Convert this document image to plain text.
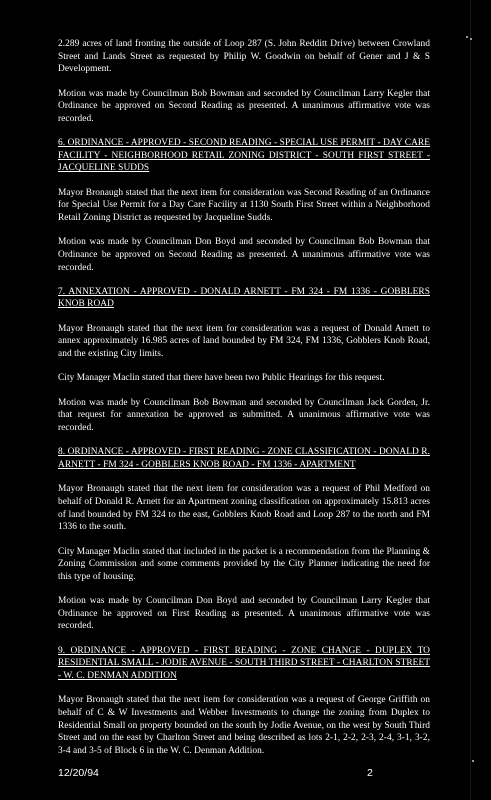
2.289 acres of land fronting the outside of Loop 287 (S. John Redditt Drive) between Crowland Street and Lands Street as requested by Philip W. Goodwin on behalf of Gener and J & S Development.

Motion was made by Councilman Bob Bowman and seconded by Councilman Larry Kegler that Ordinance be approved on Second Reading as presented. A unanimous affirmative vote was recorded.

6. ORDINANCE - APPROVED - SECOND READING - SPECIAL USE PERMIT - DAY CARE FACILITY - NEIGHBORHOOD RETAIL ZONING DISTRICT - SOUTH FIRST STREET - JACQUELINE SUDDS

Mayor Bronaugh stated that the next item for consideration was Second Reading of an Ordinance for Special Use Permit for a Day Care Facility at 1130 South First Street within a Neighborhood Retail Zoning District as requested by Jacqueline Sudds.

Motion was made by Councilman Don Boyd and seconded by Councilman Bob Bowman that Ordinance be approved on Second Reading as presented. A unanimous affirmative vote was recorded.

7. ANNEXATION - APPROVED - DONALD ARNETT - FM 324 - FM 1336 - GOBBLERS KNOB ROAD

Mayor Bronaugh stated that the next item for consideration was a request of Donald Arnett to annex approximately 16.985 acres of land bounded by FM 324, FM 1336, Gobblers Knob Road, and the existing City limits.

City Manager Maclin stated that there have been two Public Hearings for this request.

Motion was made by Councilman Bob Bowman and seconded by Councilman Jack Gorden, Jr. that request for annexation be approved as submitted. A unanimous affirmative vote was recorded.

8. ORDINANCE - APPROVED - FIRST READING - ZONE CLASSIFICATION - DONALD R. ARNETT - FM 324 - GOBBLERS KNOB ROAD - FM 1336 - APARTMENT

Mayor Bronaugh stated that the next item for consideration was a request of Phil Medford on behalf of Donald R. Arnett for an Apartment zoning classification on approximately 15.813 acres of land bounded by FM 324 to the east, Gobblers Knob Road and Loop 287 to the north and FM 1336 to the south.

City Manager Maclin stated that included in the packet is a recommendation from the Planning & Zoning Commission and some comments provided by the City Planner indicating the need for this type of housing.

Motion was made by Councilman Don Boyd and seconded by Councilman Larry Kegler that Ordinance be approved on First Reading as presented. A unanimous affirmative vote was recorded.

9. ORDINANCE - APPROVED - FIRST READING - ZONE CHANGE - DUPLEX TO RESIDENTIAL SMALL - JODIE AVENUE - SOUTH THIRD STREET - CHARLTON STREET - W. C. DENMAN ADDITION

Mayor Bronaugh stated that the next item for consideration was a request of George Griffith on behalf of C & W Investments and Webber Investments to change the zoning from Duplex to Residential Small on property bounded on the south by Jodie Avenue, on the west by South Third Street and on the east by Charlton Street and being described as lots 2-1, 2-2, 2-3, 2-4, 3-1, 3-2, 3-4 and 3-5 of Block 6 in the W. C. Denman Addition.

12/20/94	2
